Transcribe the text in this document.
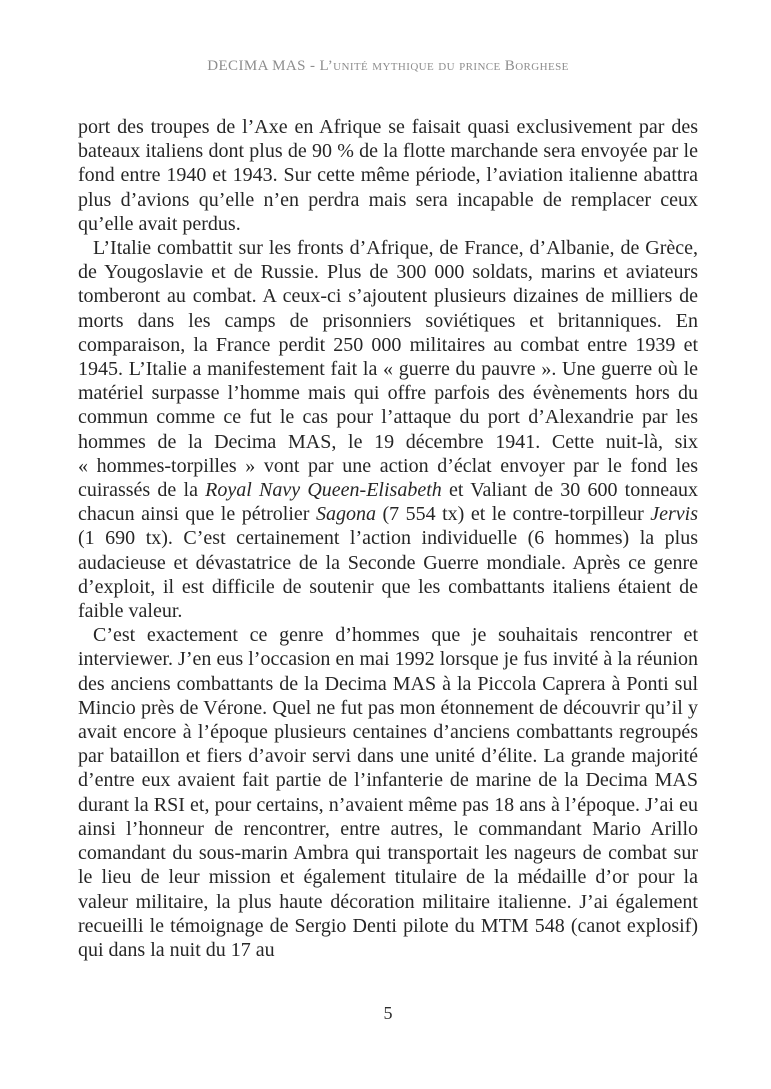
DECIMA MAS - L’unité mythique du prince Borghese

port des troupes de l’Axe en Afrique se faisait quasi exclusivement par des bateaux italiens dont plus de 90 % de la flotte marchande sera envoyée par le fond entre 1940 et 1943. Sur cette même période, l’aviation italienne abattra plus d’avions qu’elle n’en perdra mais sera incapable de remplacer ceux qu’elle avait perdus.

L’Italie combattit sur les fronts d’Afrique, de France, d’Albanie, de Grèce, de Yougoslavie et de Russie. Plus de 300 000 soldats, marins et aviateurs tomberont au combat. A ceux-ci s’ajoutent plusieurs dizaines de milliers de morts dans les camps de prisonniers soviétiques et britanniques. En comparaison, la France perdit 250 000 militaires au combat entre 1939 et 1945. L’Italie a manifestement fait la « guerre du pauvre ». Une guerre où le matériel surpasse l’homme mais qui offre parfois des évènements hors du commun comme ce fut le cas pour l’attaque du port d’Alexandrie par les hommes de la Decima MAS, le 19 décembre 1941. Cette nuit-là, six « hommes-torpilles » vont par une action d’éclat envoyer par le fond les cuirassés de la Royal Navy Queen-Elisabeth et Valiant de 30 600 tonneaux chacun ainsi que le pétrolier Sagona (7 554 tx) et le contre-torpilleur Jervis (1 690 tx). C’est certainement l’action individuelle (6 hommes) la plus audacieuse et dévastatrice de la Seconde Guerre mondiale. Après ce genre d’exploit, il est difficile de soutenir que les combattants italiens étaient de faible valeur.

C’est exactement ce genre d’hommes que je souhaitais rencontrer et interviewer. J’en eus l’occasion en mai 1992 lorsque je fus invité à la réunion des anciens combattants de la Decima MAS à la Piccola Caprera à Ponti sul Mincio près de Vérone. Quel ne fut pas mon étonnement de découvrir qu’il y avait encore à l’époque plusieurs centaines d’anciens combattants regroupés par bataillon et fiers d’avoir servi dans une unité d’élite. La grande majorité d’entre eux avaient fait partie de l’infanterie de marine de la Decima MAS durant la RSI et, pour certains, n’avaient même pas 18 ans à l’époque. J’ai eu ainsi l’honneur de rencontrer, entre autres, le commandant Mario Arillo comandant du sous-marin Ambra qui transportait les nageurs de combat sur le lieu de leur mission et également titulaire de la médaille d’or pour la valeur militaire, la plus haute décoration militaire italienne. J’ai également recueilli le témoignage de Sergio Denti pilote du MTM 548 (canot explosif) qui dans la nuit du 17 au

5
